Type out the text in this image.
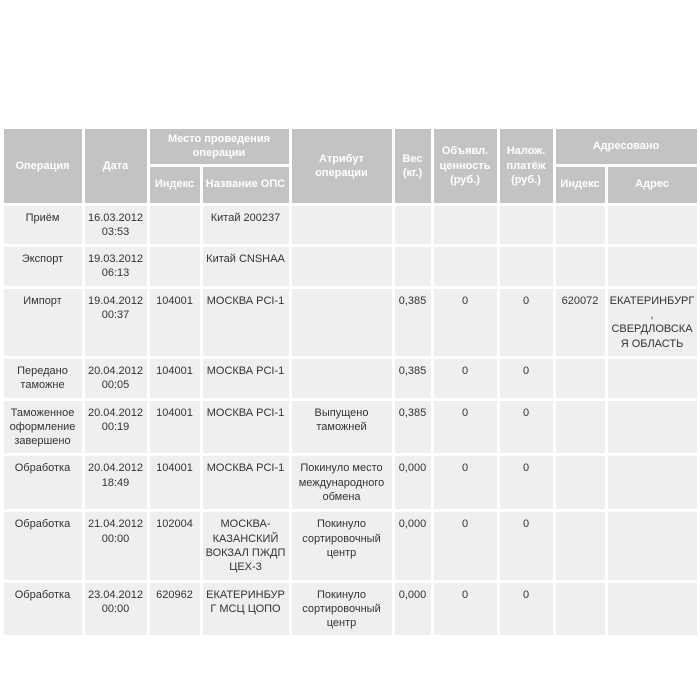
Операция	Дата	Место проведения операции		Атрибут операции	Вес (кг.)	Объявл. ценность (руб.)	Налож. платёж (руб.)	Адресовано	
		Индекс	Название ОПС					Индекс	Адрес
Приём	16.03.2012 03:53		Китай 200237						
Экспорт	19.03.2012 06:13		Китай CNSHAA						
Импорт	19.04.2012 00:37	104001	МОСКВА PCI-1		0,385	0	0	620072	ЕКАТЕРИНБУРГ, СВЕРДЛОВСКАЯ ОБЛАСТЬ
Передано таможне	20.04.2012 00:05	104001	МОСКВА PCI-1		0,385	0	0		
Таможенное оформление завершено	20.04.2012 00:19	104001	МОСКВА PCI-1	Выпущено таможней	0,385	0	0		
Обработка	20.04.2012 18:49	104001	МОСКВА PCI-1	Покинуло место международного обмена	0,000	0	0		
Обработка	21.04.2012 00:00	102004	МОСКВА-КАЗАНСКИЙ ВОКЗАЛ ПЖДП ЦЕХ-3	Покинуло сортировочный центр	0,000	0	0		
Обработка	23.04.2012 00:00	620962	ЕКАТЕРИНБУРГ МСЦ ЦОПО	Покинуло сортировочный центр	0,000	0	0		
